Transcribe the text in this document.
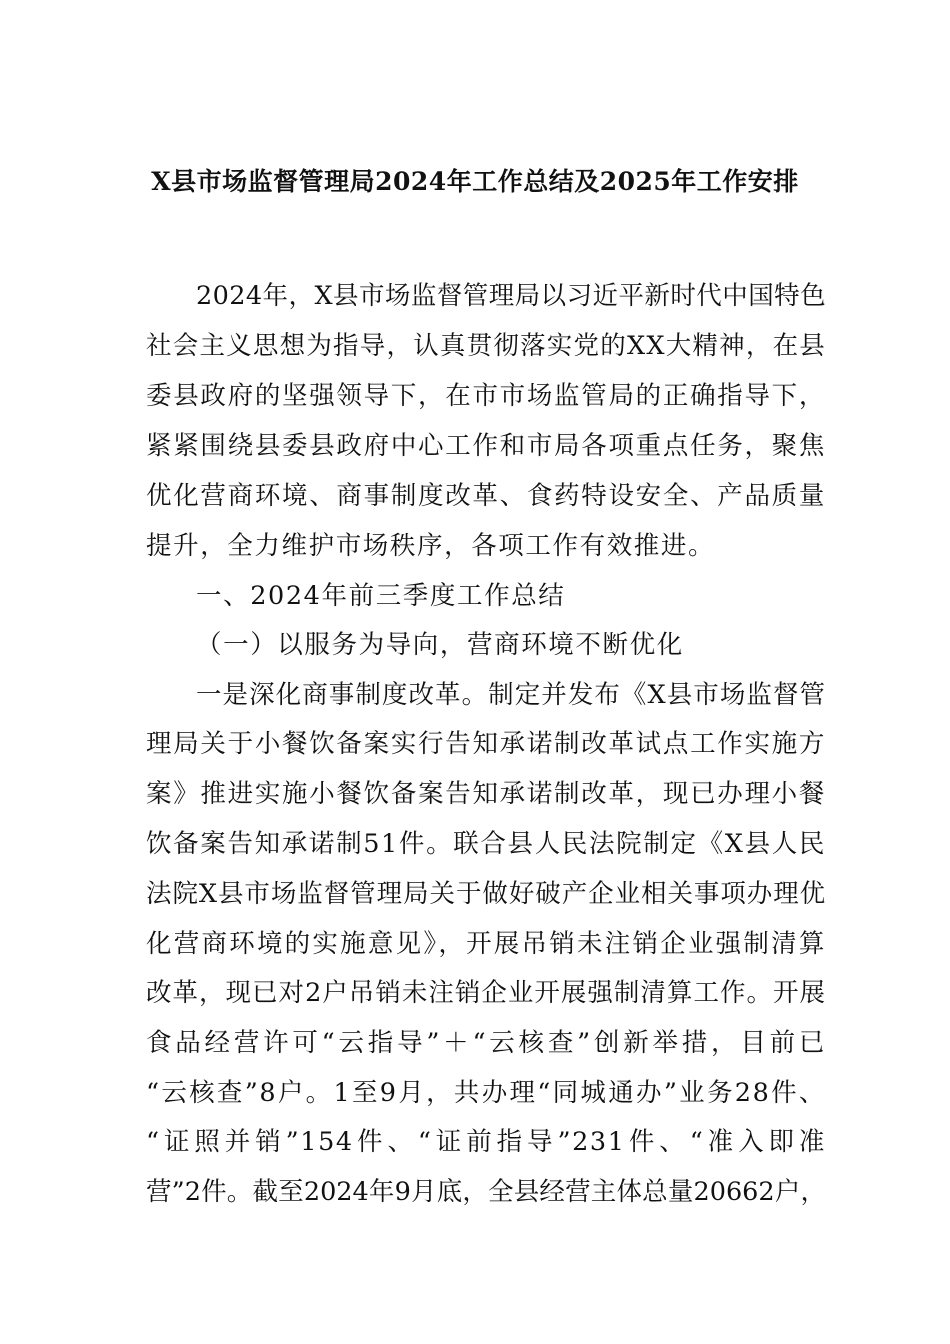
X县市场监督管理局2024年工作总结及2025年工作安排
2024年，X县市场监督管理局以习近平新时代中国特色
社会主义思想为指导，认真贯彻落实党的XX大精神，在县
委县政府的坚强领导下，在市市场监管局的正确指导下，
紧紧围绕县委县政府中心工作和市局各项重点任务，聚焦
优化营商环境、商事制度改革、食药特设安全、产品质量
提升，全力维护市场秩序，各项工作有效推进。
一、2024年前三季度工作总结
（一）以服务为导向，营商环境不断优化
一是深化商事制度改革。制定并发布《X县市场监督管
理局关于小餐饮备案实行告知承诺制改革试点工作实施方
案》推进实施小餐饮备案告知承诺制改革，现已办理小餐
饮备案告知承诺制51件。联合县人民法院制定《X县人民
法院X县市场监督管理局关于做好破产企业相关事项办理优
化营商环境的实施意见》，开展吊销未注销企业强制清算
改革，现已对2户吊销未注销企业开展强制清算工作。开展
食品经营许可“云指导”＋“云核查”创新举措，目前已
“云核查”8户。1至9月，共办理“同城通办”业务28件、
“证照并销”154件、“证前指导”231件、“准入即准
营”2件。截至2024年9月底，全县经营主体总量20662户，
